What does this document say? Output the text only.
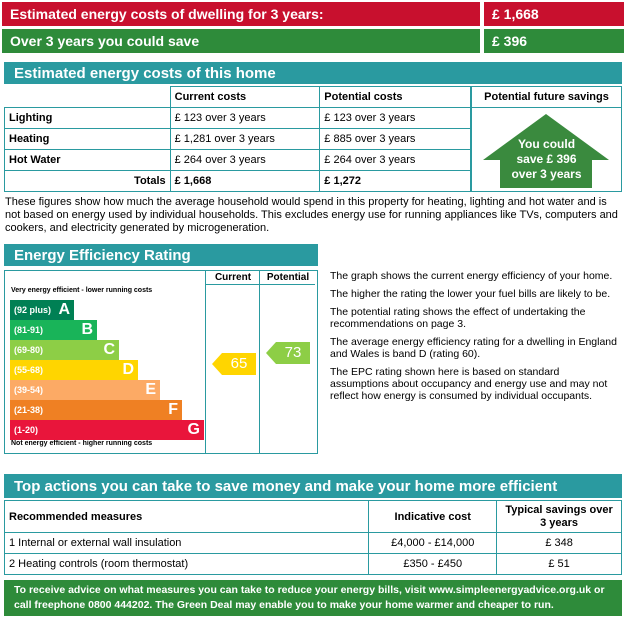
Estimated energy costs of dwelling for 3 years:	£ 1,668
Over 3 years you could save	£ 396
Estimated energy costs of this home
	Current costs	Potential costs
Lighting	£ 123 over 3 years	£ 123 over 3 years
Heating	£ 1,281 over 3 years	£ 885 over 3 years
Hot Water	£ 264 over 3 years	£ 264 over 3 years
Totals	£ 1,668	£ 1,272
Potential future savings
You could
save £ 396
over 3 years
These figures show how much the average household would spend in this property for heating, lighting and hot water and is not based on energy used by individual households. This excludes energy use for running appliances like TVs, computers and cookers, and electricity generated by microgeneration.
Energy Efficiency Rating
Very energy efficient - lower running costs
Not energy efficient - higher running costs
(92 plus) A
(81-91) B
(69-80)	C
(55-68)	D
(39-54)	E
(21-38)	F
(1-20)	G
Current	Potential
65
73

The graph shows the current energy efficiency of your home.

The higher the rating the lower your fuel bills are likely to be.

The potential rating shows the effect of undertaking the recommendations on page 3.

The average energy efficiency rating for a dwelling in England and Wales is band D (rating 60).

The EPC rating shown here is based on standard assumptions about occupancy and energy use and may not reflect how energy is consumed by individual occupants.

Top actions you can take to save money and make your home more efficient
Recommended measures	Indicative cost	Typical savings over 3 years
1 Internal or external wall insulation	£4,000 - £14,000	£ 348
2 Heating controls (room thermostat)	£350 - £450	£ 51
To receive advice on what measures you can take to reduce your energy bills, visit www.simpleenergyadvice.org.uk or
call freephone 0800 444202. The Green Deal may enable you to make your home warmer and cheaper to run.
